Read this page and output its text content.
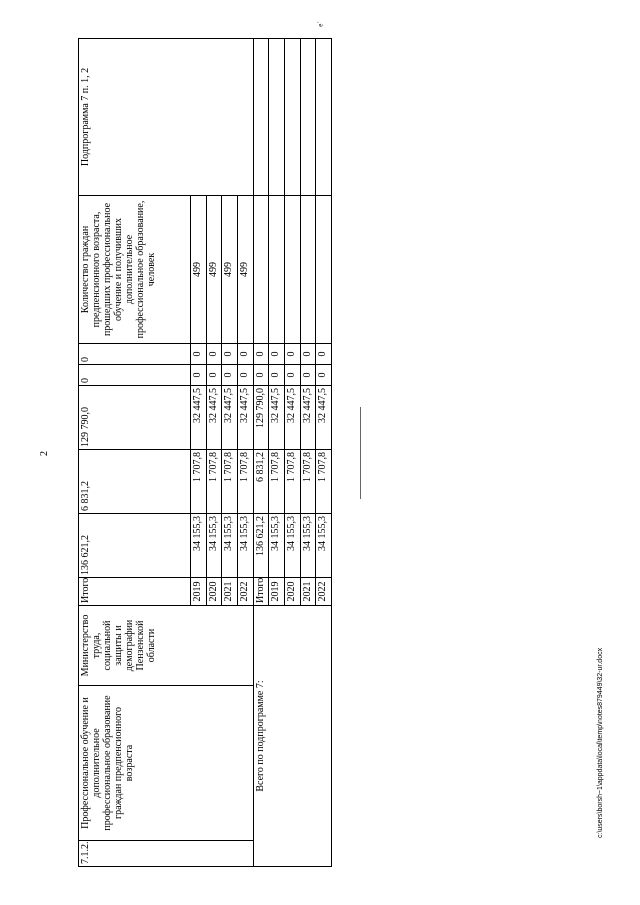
2
e´
c:\users\borsh~1\appdata\local\temp\notes879449\32-ur.docx
7.1.2.	Профессиональное обучение и дополнительное профессиональное образование граждан предпенсионного возраста	Министерство труда, социальной защиты и демографии Пензенской области	Итого	136 621,2	6 831,2	129 790,0	0	0	Количество граждан предпенсионного возраста, прошедших профессиональное обучение и получивших дополнительное профессиональное образование, человек	Подпрограмма 7 п. 1, 2
			2019	34 155,3	1 707,8	32 447,5	0	0	499	
			2020	34 155,3	1 707,8	32 447,5	0	0	499	
			2021	34 155,3	1 707,8	32 447,5	0	0	499	
			2022	34 155,3	1 707,8	32 447,5	0	0	499	
Всего по подпрограмме 7:			Итого	136 621,2	6 831,2	129 790,0	0	0		
			2019	34 155,3	1 707,8	32 447,5	0	0		
			2020	34 155,3	1 707,8	32 447,5	0	0		
			2021	34 155,3	1 707,8	32 447,5	0	0		
			2022	34 155,3	1 707,8	32 447,5	0	0		
